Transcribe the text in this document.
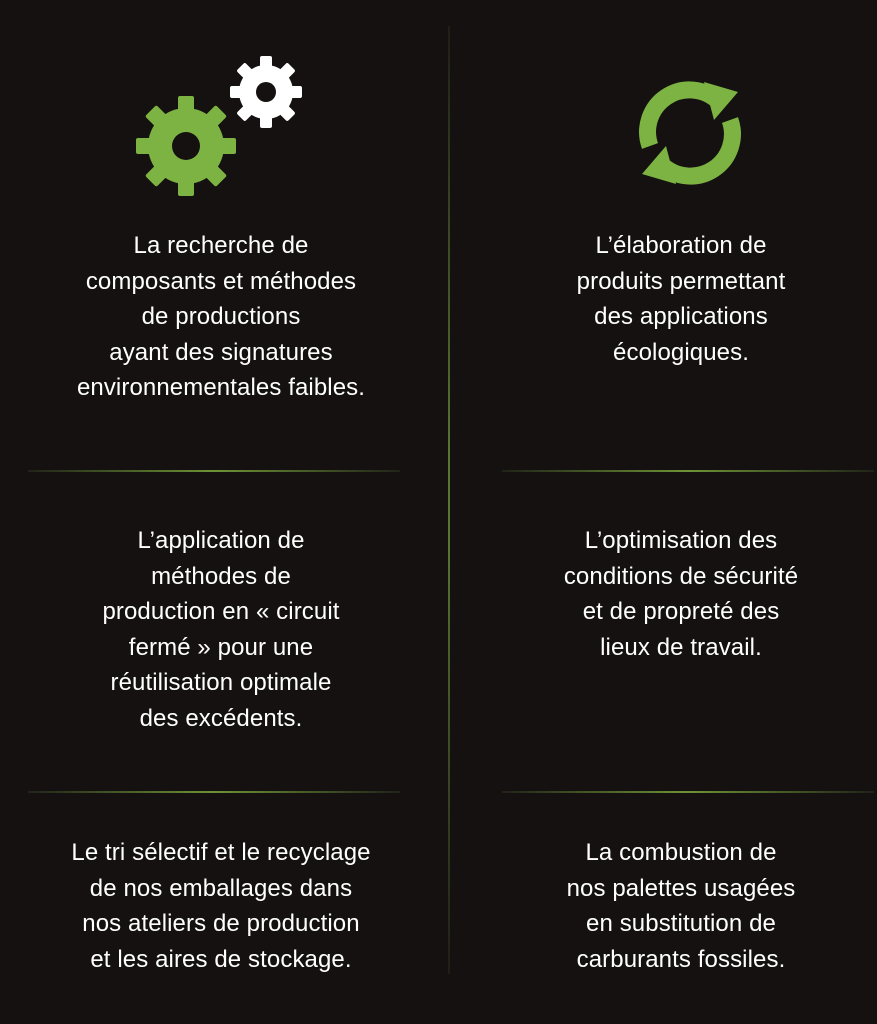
La recherche de
composants et méthodes
de productions
ayant des signatures
environnementales faibles.
L’élaboration de
produits permettant
des applications
écologiques.
L’application de
méthodes de
production en « circuit
fermé » pour une
réutilisation optimale
des excédents.
L’optimisation des
conditions de sécurité
et de propreté des
lieux de travail.
Le tri sélectif et le recyclage
de nos emballages dans
nos ateliers de production
et les aires de stockage.
La combustion de
nos palettes usagées
en substitution de
carburants fossiles.
